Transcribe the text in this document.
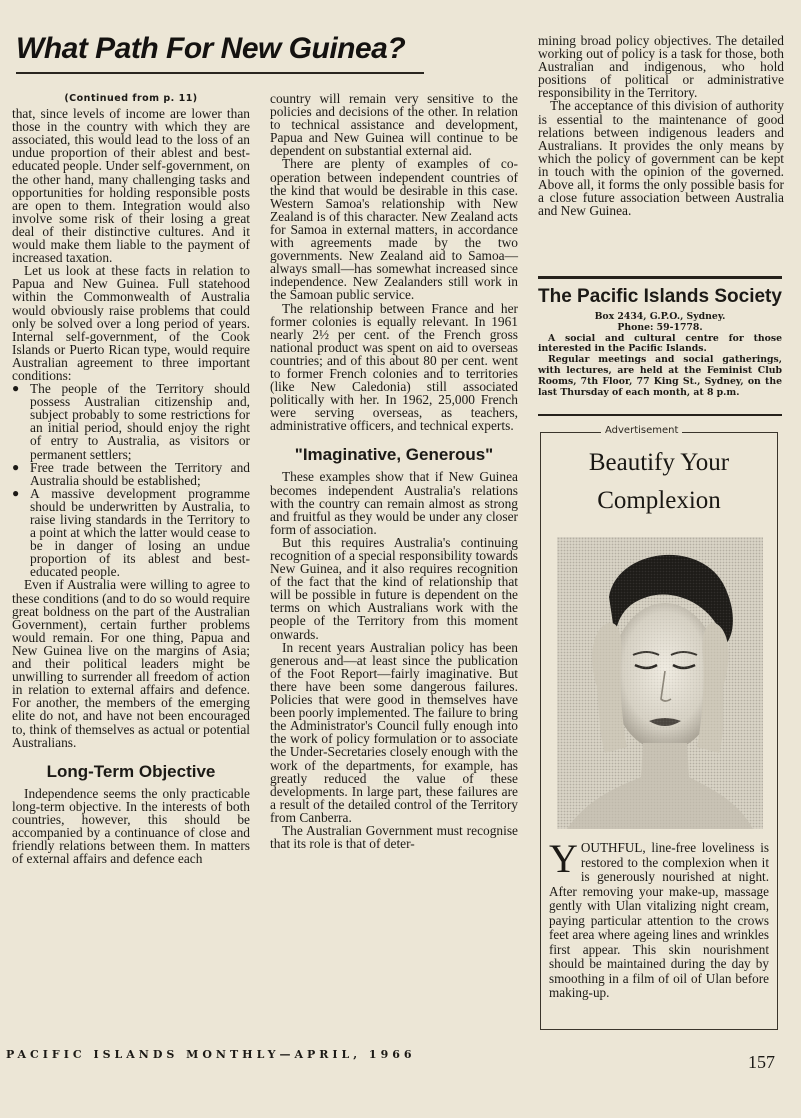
What Path For New Guinea?
(Continued from p. 11)

that, since levels of income are lower than those in the country with which they are associated, this would lead to the loss of an undue proportion of their ablest and best-educated people. Under self-government, on the other hand, many challenging tasks and opportunities for holding responsible posts are open to them. Integration would also involve some risk of their losing a great deal of their distinctive cultures. And it would make them liable to the payment of increased taxation.

Let us look at these facts in relation to Papua and New Guinea. Full statehood within the Commonwealth of Australia would obviously raise problems that could only be solved over a long period of years. Internal self-government, of the Cook Islands or Puerto Rican type, would require Australian agreement to three important conditions:

● The people of the Territory should possess Australian citizenship and, subject probably to some restrictions for an initial period, should enjoy the right of entry to Australia, as visitors or permanent settlers;
● Free trade between the Territory and Australia should be established;
● A massive development programme should be underwritten by Australia, to raise living standards in the Territory to a point at which the latter would cease to be in danger of losing an undue proportion of its ablest and best-educated people.

Even if Australia were willing to agree to these conditions (and to do so would require great boldness on the part of the Australian Government), certain further problems would remain. For one thing, Papua and New Guinea live on the margins of Asia; and their political leaders might be unwilling to surrender all freedom of action in relation to external affairs and defence. For another, the members of the emerging elite do not, and have not been encouraged to, think of themselves as actual or potential Australians.

Long-Term Objective

Independence seems the only practicable long-term objective. In the interests of both countries, however, this should be accompanied by a continuance of close and friendly relations between them. In matters of external affairs and defence each

country will remain very sensitive to the policies and decisions of the other. In relation to technical assistance and development, Papua and New Guinea will continue to be dependent on substantial external aid.

There are plenty of examples of co-operation between independent countries of the kind that would be desirable in this case. Western Samoa's relationship with New Zealand is of this character. New Zealand acts for Samoa in external matters, in accordance with agreements made by the two governments. New Zealand aid to Samoa—always small—has somewhat increased since independence. New Zealanders still work in the Samoan public service.

The relationship between France and her former colonies is equally relevant. In 1961 nearly 2½ per cent. of the French gross national product was spent on aid to overseas countries; and of this about 80 per cent. went to former French colonies and to territories (like New Caledonia) still associated politically with her. In 1962, 25,000 French were serving overseas, as teachers, administrative officers, and technical experts.

"Imaginative, Generous"

These examples show that if New Guinea becomes independent Australia's relations with the country can remain almost as strong and fruitful as they would be under any closer form of association.

But this requires Australia's continuing recognition of a special responsibility towards New Guinea, and it also requires recognition of the fact that the kind of relationship that will be possible in future is dependent on the terms on which Australians work with the people of the Territory from this moment onwards.

In recent years Australian policy has been generous and—at least since the publication of the Foot Report—fairly imaginative. But there have been some dangerous failures. Policies that were good in themselves have been poorly implemented. The failure to bring the Administrator's Council fully enough into the work of policy formulation or to associate the Under-Secretaries closely enough with the work of the departments, for example, has greatly reduced the value of these developments. In large part, these failures are a result of the detailed control of the Territory from Canberra.

The Australian Government must recognise that its role is that of deter-

mining broad policy objectives. The detailed working out of policy is a task for those, both Australian and indigenous, who hold positions of political or administrative responsibility in the Territory.

The acceptance of this division of authority is essential to the maintenance of good relations between indigenous leaders and Australians. It provides the only means by which the policy of government can be kept in touch with the opinion of the governed. Above all, it forms the only possible basis for a close future association between Australia and New Guinea.

The Pacific Islands Society
Box 2434, G.P.O., Sydney.
Phone: 59-1778.

A social and cultural centre for those interested in the Pacific Islands.

Regular meetings and social gatherings, with lectures, are held at the Feminist Club Rooms, 7th Floor, 77 King St., Sydney, on the last Thursday of each month, at 8 p.m.

Advertisement
Beautify Your
Complexion
YOUTHFUL, line-free loveliness is restored to the complexion when it is generously nourished at night. After removing your make-up, massage gently with Ulan vitalizing night cream, paying particular attention to the crows feet area where ageing lines and wrinkles first appear. This skin nourishment should be maintained during the day by smoothing in a film of oil of Ulan before making-up.
PACIFIC ISLANDS MONTHLY—APRIL, 1966	157
